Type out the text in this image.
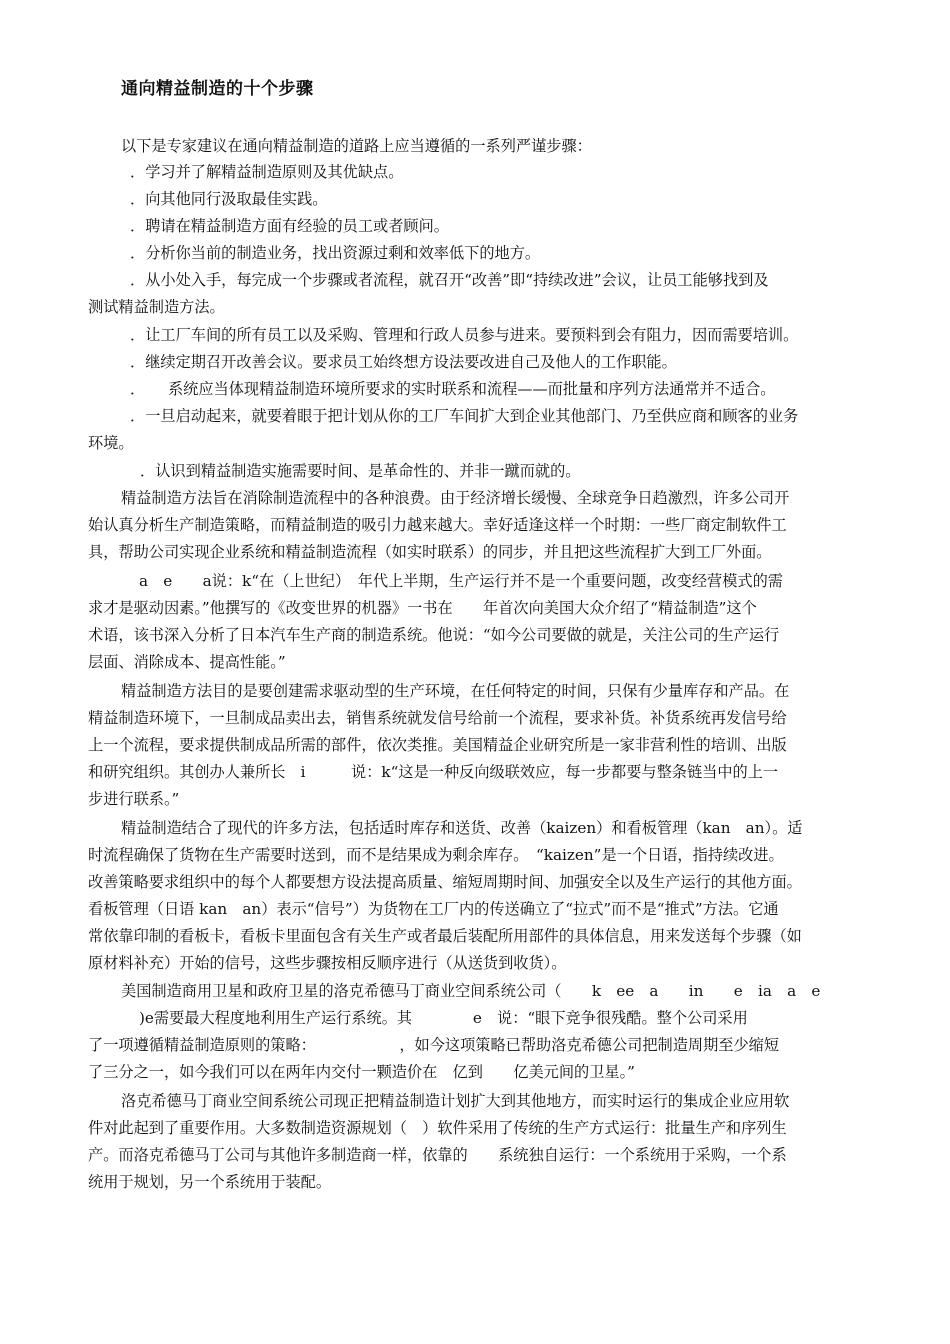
通向精益制造的十个步骤
以下是专家建议在通向精益制造的道路上应当遵循的一系列严谨步骤：
．学习并了解精益制造原则及其优缺点。
．向其他同行汲取最佳实践。
．聘请在精益制造方面有经验的员工或者顾问。
．分析你当前的制造业务，找出资源过剩和效率低下的地方。
．从小处入手，每完成一个步骤或者流程，就召开“改善”即“持续改进”会议，让员工能够找到及
测试精益制造方法。
．让工厂车间的所有员工以及采购、管理和行政人员参与进来。要预料到会有阻力，因而需要培训。
．继续定期召开改善会议。要求员工始终想方设法要改进自己及他人的工作职能。
．　　系统应当体现精益制造环境所要求的实时联系和流程——而批量和序列方法通常并不适合。
．一旦启动起来，就要着眼于把计划从你的工厂车间扩大到企业其他部门、乃至供应商和顾客的业务
环境。
．认识到精益制造实施需要时间、是革命性的、并非一蹴而就的。
精益制造方法旨在消除制造流程中的各种浪费。由于经济增长缓慢、全球竞争日趋激烈，许多公司开
始认真分析生产制造策略，而精益制造的吸引力越来越大。幸好适逢这样一个时期：一些厂商定制软件工
具，帮助公司实现企业系统和精益制造流程（如实时联系）的同步，并且把这些流程扩大到工厂外面。
a　e　　a说：k“在（上世纪）　年代上半期，生产运行并不是一个重要问题，改变经营模式的需
求才是驱动因素。”他撰写的《改变世界的机器》一书在　　年首次向美国大众介绍了“精益制造”这个
术语，该书深入分析了日本汽车生产商的制造系统。他说：“如今公司要做的就是，关注公司的生产运行
层面、消除成本、提高性能。”
精益制造方法目的是要创建需求驱动型的生产环境，在任何特定的时间，只保有少量库存和产品。在
精益制造环境下，一旦制成品卖出去，销售系统就发信号给前一个流程，要求补货。补货系统再发信号给
上一个流程，要求提供制成品所需的部件，依次类推。美国精益企业研究所是一家非营利性的培训、出版
和研究组织。其创办人兼所长　i　　　说：k“这是一种反向级联效应，每一步都要与整条链当中的上一
步进行联系。”
精益制造结合了现代的许多方法，包括适时库存和送货、改善（kaizen）和看板管理（kan　an）。适
时流程确保了货物在生产需要时送到，而不是结果成为剩余库存。　“kaizen”是一个日语，指持续改进。
改善策略要求组织中的每个人都要想方设法提高质量、缩短周期时间、加强安全以及生产运行的其他方面。
看板管理（日语 kan　an）表示“信号”）为货物在工厂内的传送确立了“拉式”而不是“推式”方法。它通
常依靠印制的看板卡，看板卡里面包含有关生产或者最后装配所用部件的具体信息，用来发送每个步骤（如
原材料补充）开始的信号，这些步骤按相反顺序进行（从送货到收货）。
美国制造商用卫星和政府卫星的洛克希德马丁商业空间系统公司（　　k　ee　a　　in　　e　ia　a　e
)e需要最大程度地利用生产运行系统。其　　　　e　说：“眼下竞争很残酷。整个公司采用
了一项遵循精益制造原则的策略：　　　　　　，如今这项策略已帮助洛克希德公司把制造周期至少缩短
了三分之一，如今我们可以在两年内交付一颗造价在　亿到　　亿美元间的卫星。”
洛克希德马丁商业空间系统公司现正把精益制造计划扩大到其他地方，而实时运行的集成企业应用软
件对此起到了重要作用。大多数制造资源规划（　）软件采用了传统的生产方式运行：批量生产和序列生
产。而洛克希德马丁公司与其他许多制造商一样，依靠的　　系统独自运行：一个系统用于采购，一个系
统用于规划，另一个系统用于装配。
